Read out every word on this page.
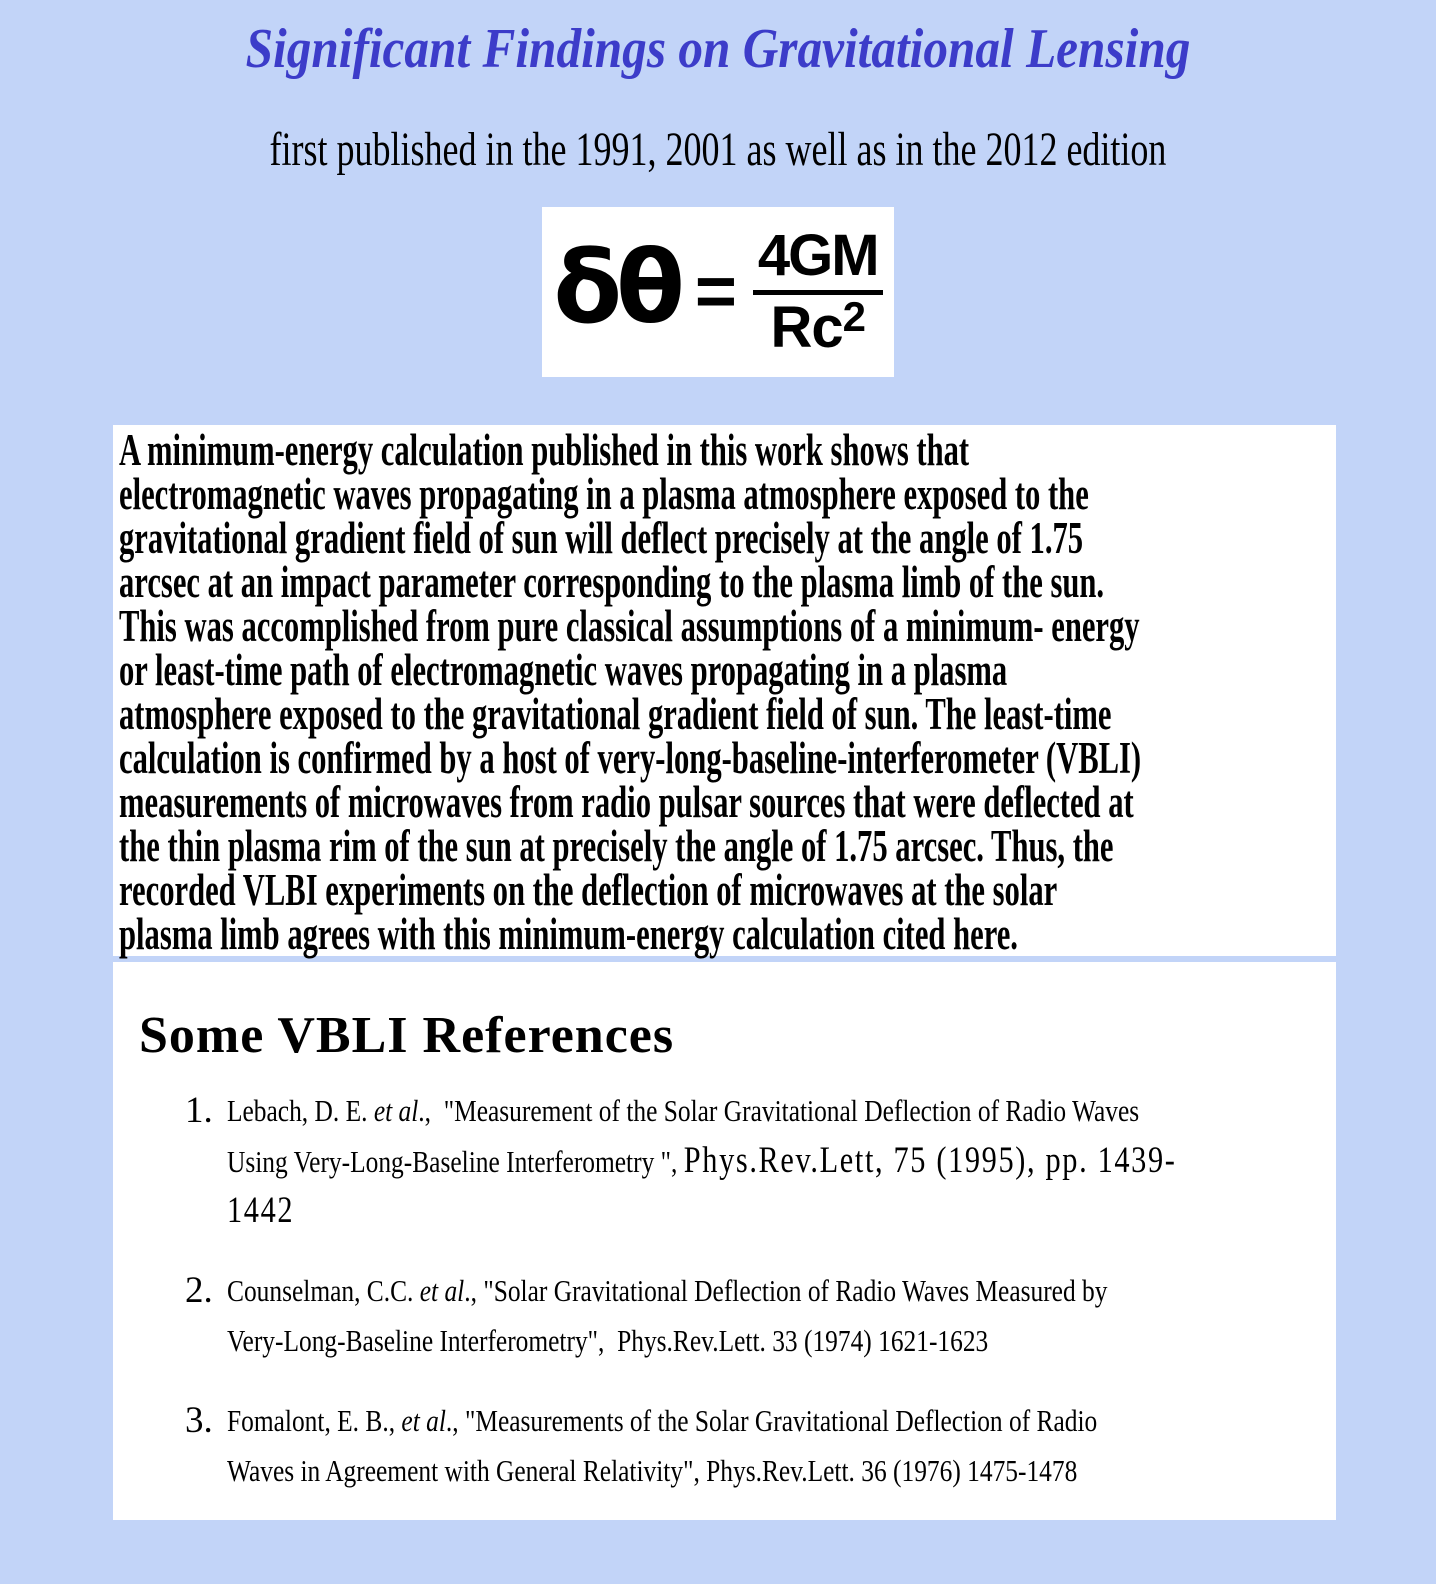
Significant Findings on Gravitational Lensing
first published in the 1991, 2001 as well as in the 2012 edition
$\delta\theta = \frac{4GM}{Rc^2}$
A minimum-energy calculation published in this work shows that
electromagnetic waves propagating in a plasma atmosphere exposed to the
gravitational gradient field of sun will deflect precisely at the angle of 1.75
arcsec at an impact parameter corresponding to the plasma limb of the sun.
This was accomplished from pure classical assumptions of a minimum- energy
or least-time path of electromagnetic waves propagating in a plasma
atmosphere exposed to the gravitational gradient field of sun. The least-time
calculation is confirmed by a host of very-long-baseline-interferometer (VBLI)
measurements of microwaves from radio pulsar sources that were deflected at
the thin plasma rim of the sun at precisely the angle of 1.75 arcsec. Thus, the
recorded VLBI experiments on the deflection of microwaves at the solar
plasma limb agrees with this minimum-energy calculation cited here.
Some VBLI References
1. Lebach, D. E. et al.,  "Measurement of the Solar Gravitational Deflection of Radio Waves
Using Very-Long-Baseline Interferometry ", Phys.Rev.Lett, 75 (1995), pp. 1439-
1442
2. Counselman, C.C. et al., "Solar Gravitational Deflection of Radio Waves Measured by
Very-Long-Baseline Interferometry",  Phys.Rev.Lett. 33 (1974) 1621-1623
3. Fomalont, E. B., et al., "Measurements of the Solar Gravitational Deflection of Radio
Waves in Agreement with General Relativity", Phys.Rev.Lett. 36 (1976) 1475-1478
